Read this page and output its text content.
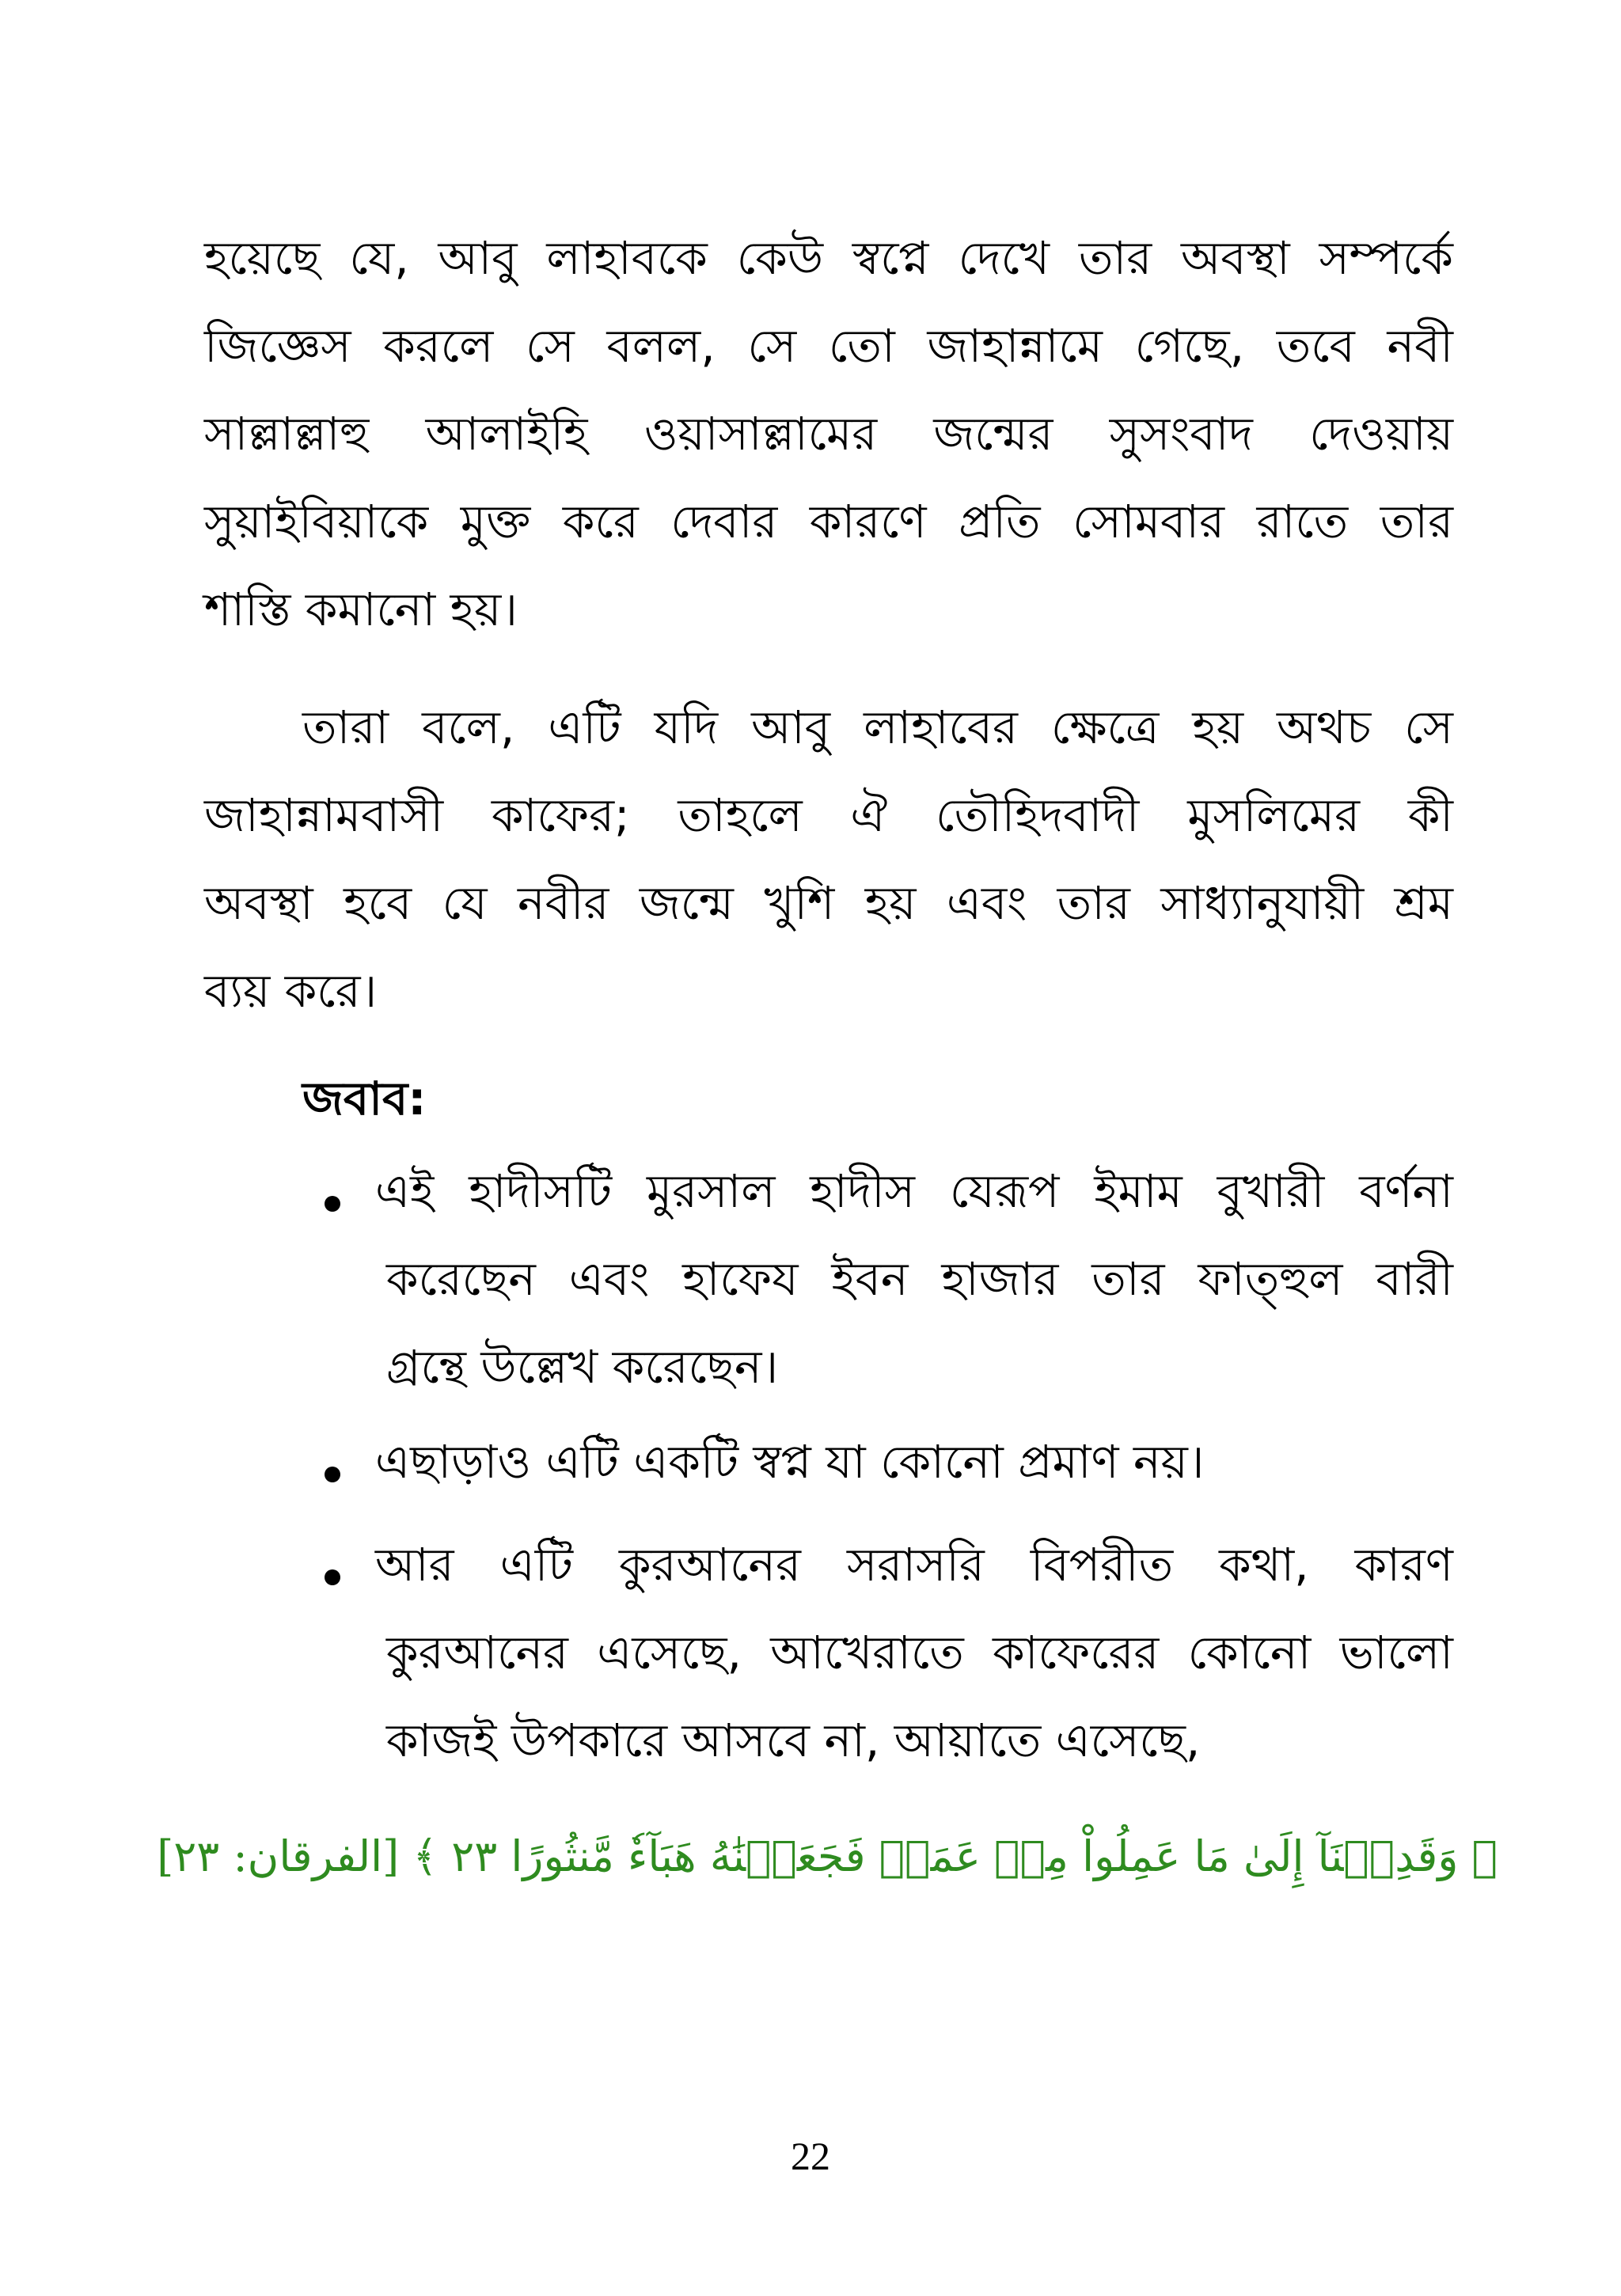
হয়েছে যে, আবু লাহাবকে কেউ স্বপ্নে দেখে তার অবস্থা সম্পর্কে
জিজ্ঞেস করলে সে বলল, সে তো জাহান্নামে গেছে, তবে নবী
সাল্লাল্লাহু আলাইহি ওয়াসাল্লামের জন্মের সুসংবাদ দেওয়ায়
সুয়াইবিয়াকে মুক্ত করে দেবার কারণে প্রতি সোমবার রাতে তার
শাস্তি কমানো হয়।
তারা বলে, এটি যদি আবু লাহাবের ক্ষেত্রে হয় অথচ সে
জাহান্নামবাসী কাফের; তাহলে ঐ তৌহিদবাদী মুসলিমের কী
অবস্থা হবে যে নবীর জন্মে খুশি হয় এবং তার সাধ্যানুযায়ী শ্রম
ব্যয় করে।
জবাব:
এই হাদীসটি মুরসাল হাদীস যেরূপ ইমাম বুখারী বর্ণনা
করেছেন এবং হাফেয ইবন হাজার তার ফাত্হুল বারী
গ্রন্থে উল্লেখ করেছেন।
এছাড়াও এটি একটি স্বপ্ন যা কোনো প্রমাণ নয়।
আর এটি কুরআনের সরাসরি বিপরীত কথা, কারণ
কুরআনের এসেছে, আখেরাতে কাফেরের কোনো ভালো
কাজই উপকারে আসবে না, আয়াতে এসেছে,
﴿ وَقَدِمۡنَآ إِلَىٰ مَا عَمِلُواْ مِنۡ عَمَلٖ فَجَعَلۡنَٰهُ هَبَآءٗ مَّنثُورًا ٢٣ ﴾ [الفرقان: ٢٣]
22
